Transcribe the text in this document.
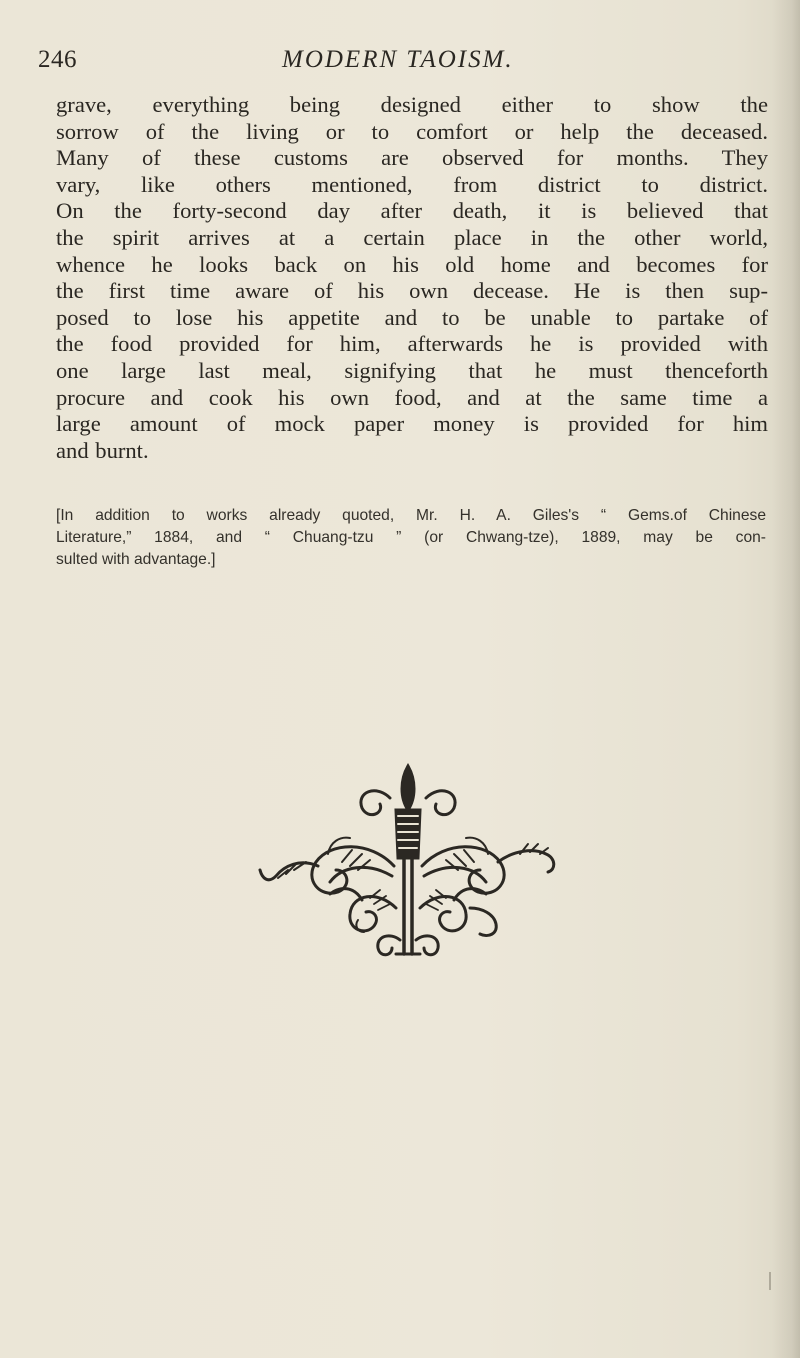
246	MODERN TAOISM.
grave, everything being designed either to show the
sorrow of the living or to comfort or help the deceased.
Many of these customs are observed for months. They
vary, like others mentioned, from district to district.
On the forty-second day after death, it is believed that
the spirit arrives at a certain place in the other world,
whence he looks back on his old home and becomes for
the first time aware of his own decease. He is then sup-
posed to lose his appetite and to be unable to partake of
the food provided for him, afterwards he is provided with
one large last meal, signifying that he must thenceforth
procure and cook his own food, and at the same time a
large amount of mock paper money is provided for him
and burnt.
[In addition to works already quoted, Mr. H. A. Giles's “ Gems.of Chinese
Literature,” 1884, and “ Chuang-tzu ” (or Chwang-tze), 1889, may be con-
sulted with advantage.]
